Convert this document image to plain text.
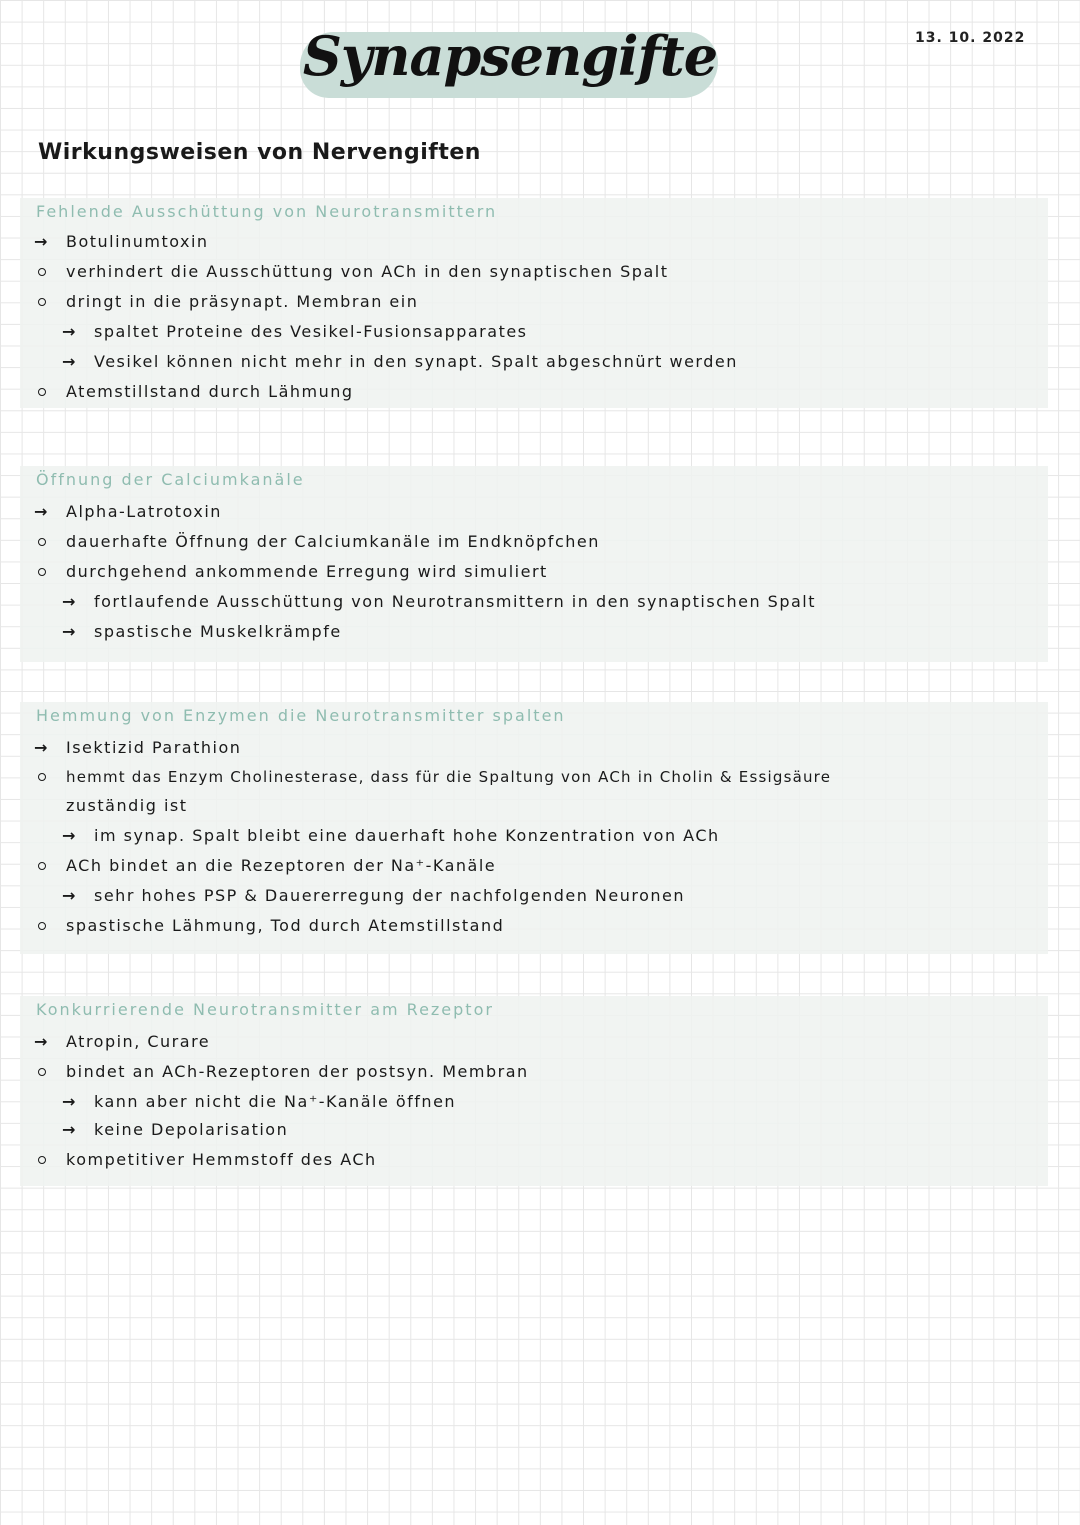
Synapsengifte	13. 10. 2022
Wirkungsweisen von Nervengiften
Fehlende Ausschüttung von Neurotransmittern
→ Botulinumtoxin
verhindert die Ausschüttung von ACh in den synaptischen Spalt
dringt in die präsynapt. Membran ein
→ spaltet Proteine des Vesikel-Fusionsapparates
→ Vesikel können nicht mehr in den synapt. Spalt abgeschnürt werden
Atemstillstand durch Lähmung
Öffnung der Calciumkanäle
→ Alpha-Latrotoxin
dauerhafte Öffnung der Calciumkanäle im Endknöpfchen
durchgehend ankommende Erregung wird simuliert
→ fortlaufende Ausschüttung von Neurotransmittern in den synaptischen Spalt
→ spastische Muskelkrämpfe
Hemmung von Enzymen die Neurotransmitter spalten
→ Isektizid Parathion
hemmt das Enzym Cholinesterase, dass für die Spaltung von ACh in Cholin & Essigsäure
zuständig ist
→ im synap. Spalt bleibt eine dauerhaft hohe Konzentration von ACh
ACh bindet an die Rezeptoren der Na⁺-Kanäle
→ sehr hohes PSP & Dauererregung der nachfolgenden Neuronen
spastische Lähmung, Tod durch Atemstillstand
Konkurrierende Neurotransmitter am Rezeptor
→ Atropin, Curare
bindet an ACh-Rezeptoren der postsyn. Membran
→ kann aber nicht die Na⁺-Kanäle öffnen
→ keine Depolarisation
kompetitiver Hemmstoff des ACh
